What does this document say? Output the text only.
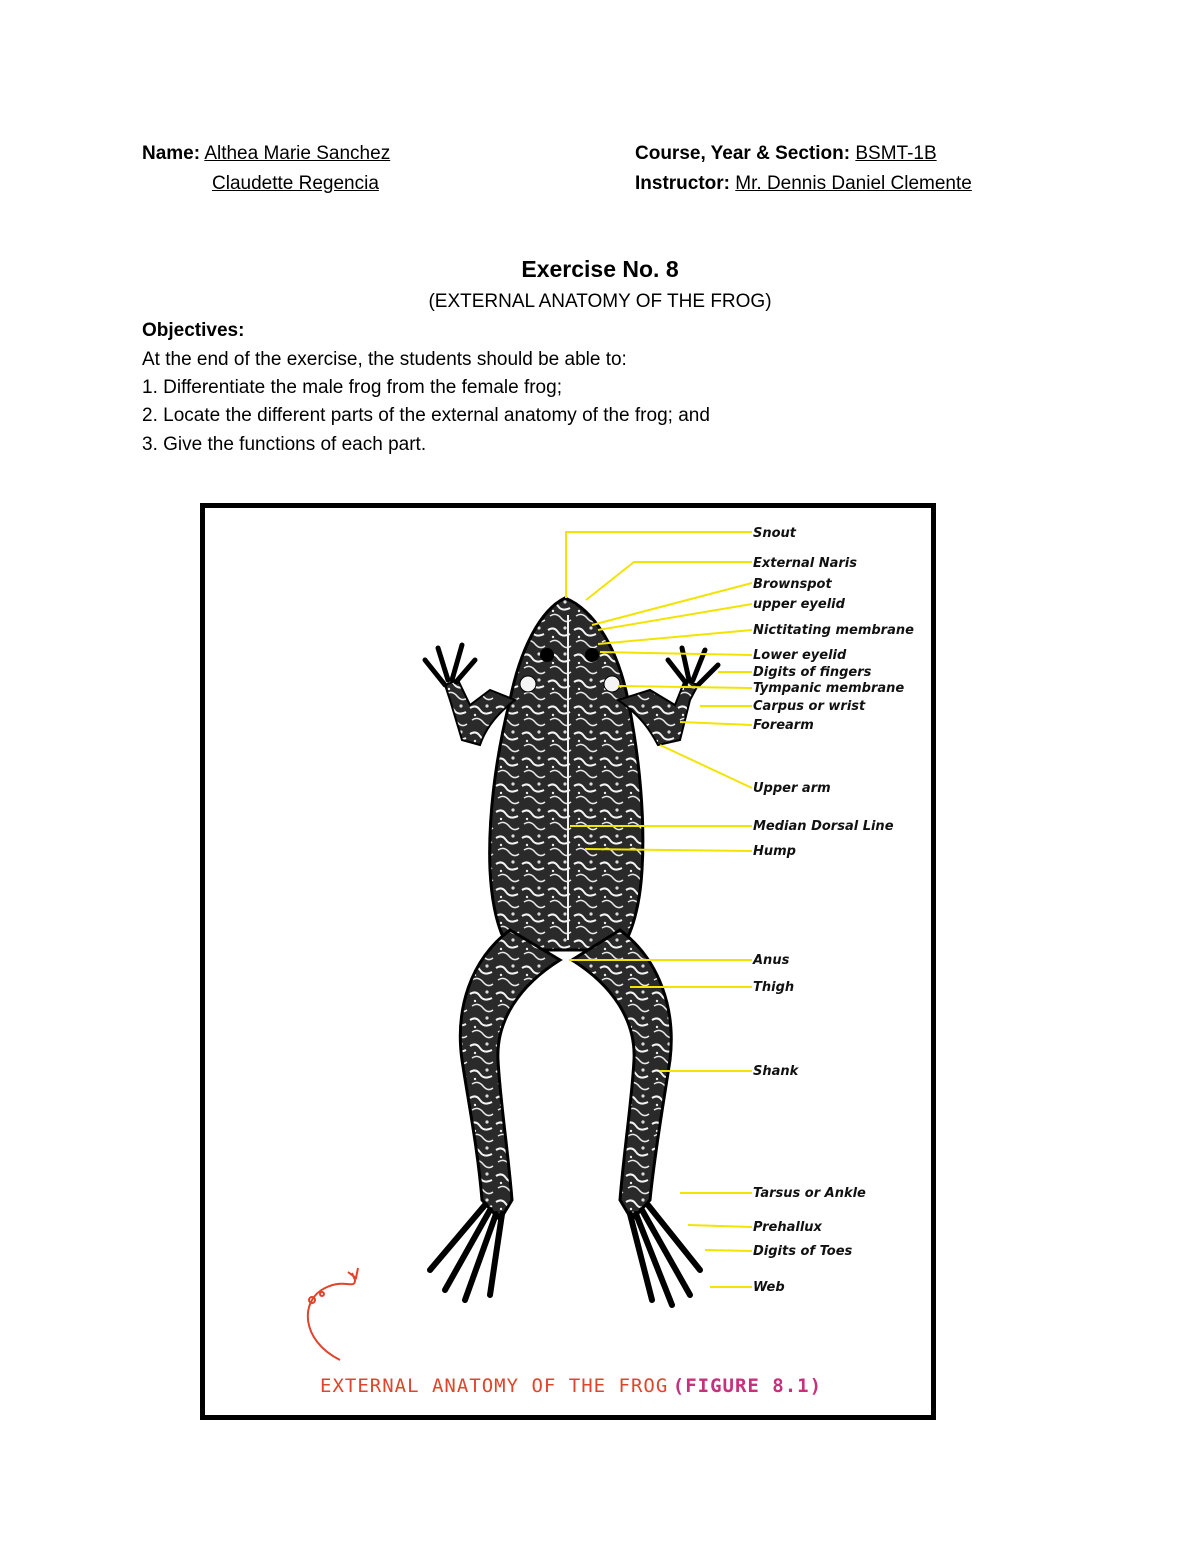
Name: Althea Marie Sanchez
Claudette Regencia
Course, Year & Section: BSMT-1B
Instructor: Mr. Dennis Daniel Clemente
Exercise No. 8
(EXTERNAL ANATOMY OF THE FROG)
Objectives:
At the end of the exercise, the students should be able to:
1. Differentiate the male frog from the female frog;
2. Locate the different parts of the external anatomy of the frog; and
3. Give the functions of each part.
Snout
External Naris
Brownspot
upper eyelid
Nictitating membrane
Lower eyelid
Digits of fingers
Tympanic membrane
Carpus or wrist
Forearm
Upper arm
Median Dorsal Line
Hump
Anus
Thigh
Shank
Tarsus or Ankle
Prehallux
Digits of Toes
Web
EXTERNAL ANATOMY OF THE FROG (FIGURE 8.1)
